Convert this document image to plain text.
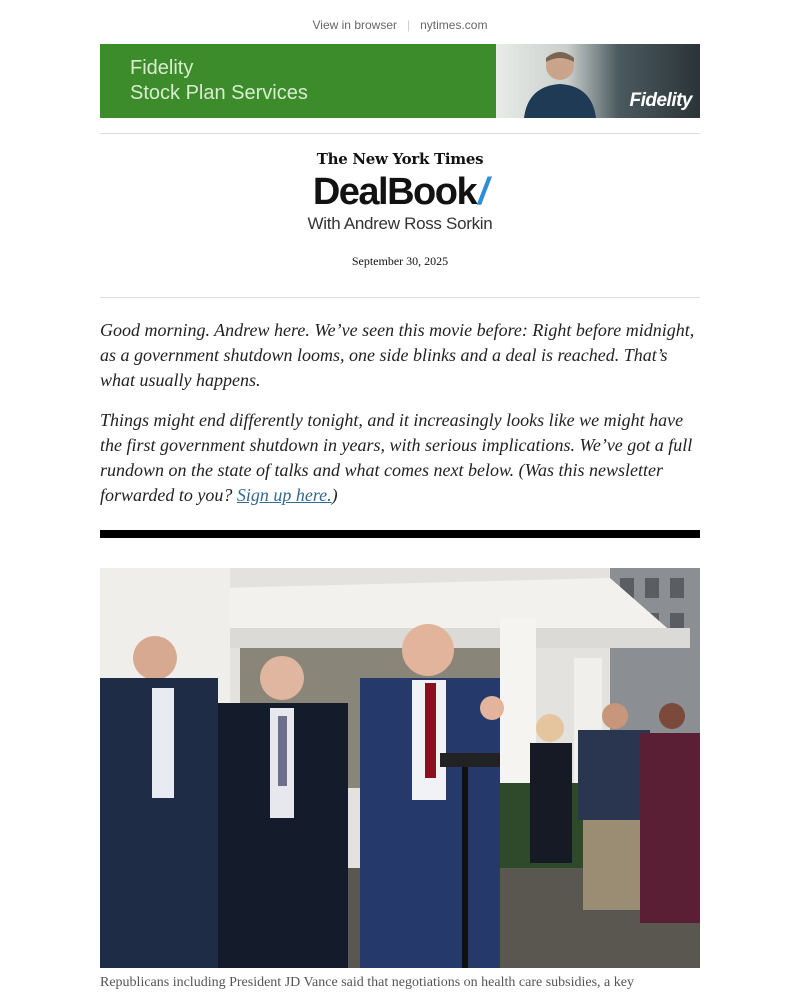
View in browser | nytimes.com
Fidelity
Stock Plan Services	Fidelity
The New York Times
DealBook/
With Andrew Ross Sorkin
September 30, 2025

Good morning. Andrew here. We’ve seen this movie before: Right before midnight, as a government shutdown looms, one side blinks and a deal is reached. That’s what usually happens.

Things might end differently tonight, and it increasingly looks like we might have the first government shutdown in years, with serious implications. We’ve got a full rundown on the state of talks and what comes next below. (Was this newsletter forwarded to you? Sign up here.)

Republicans including President JD Vance said that negotiations on health care subsidies, a key
